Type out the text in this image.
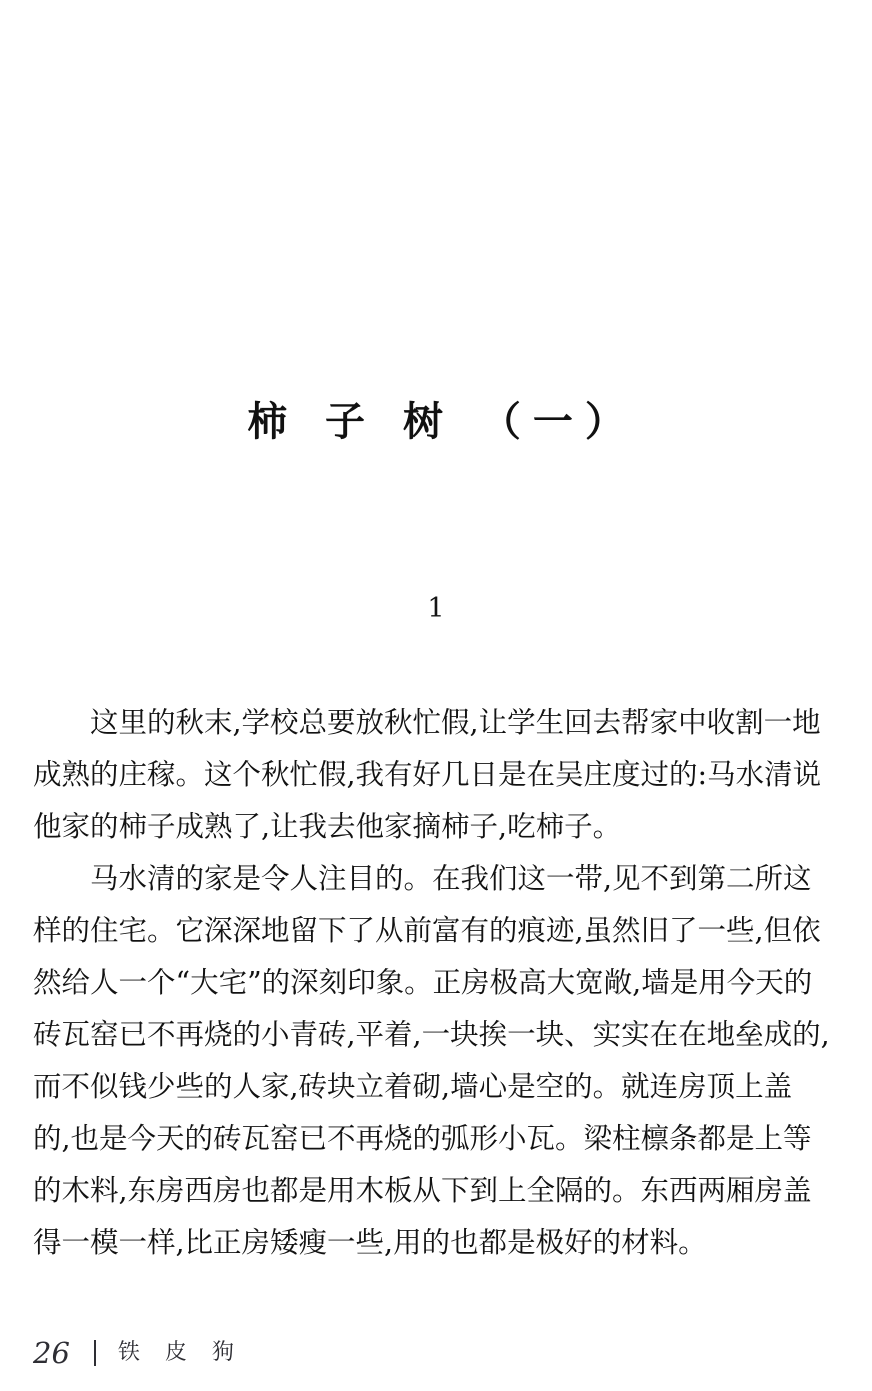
柿 子 树 （一）
1

这里的秋末,学校总要放秋忙假,让学生回去帮家中收割一地
成熟的庄稼。这个秋忙假,我有好几日是在吴庄度过的:马水清说
他家的柿子成熟了,让我去他家摘柿子,吃柿子。

马水清的家是令人注目的。在我们这一带,见不到第二所这
样的住宅。它深深地留下了从前富有的痕迹,虽然旧了一些,但依
然给人一个“大宅”的深刻印象。正房极高大宽敞,墙是用今天的
砖瓦窑已不再烧的小青砖,平着,一块挨一块、实实在在地垒成的,
而不似钱少些的人家,砖块立着砌,墙心是空的。就连房顶上盖
的,也是今天的砖瓦窑已不再烧的弧形小瓦。梁柱檩条都是上等
的木料,东房西房也都是用木板从下到上全隔的。东西两厢房盖
得一模一样,比正房矮瘦一些,用的也都是极好的材料。

26 铁 皮 狗
